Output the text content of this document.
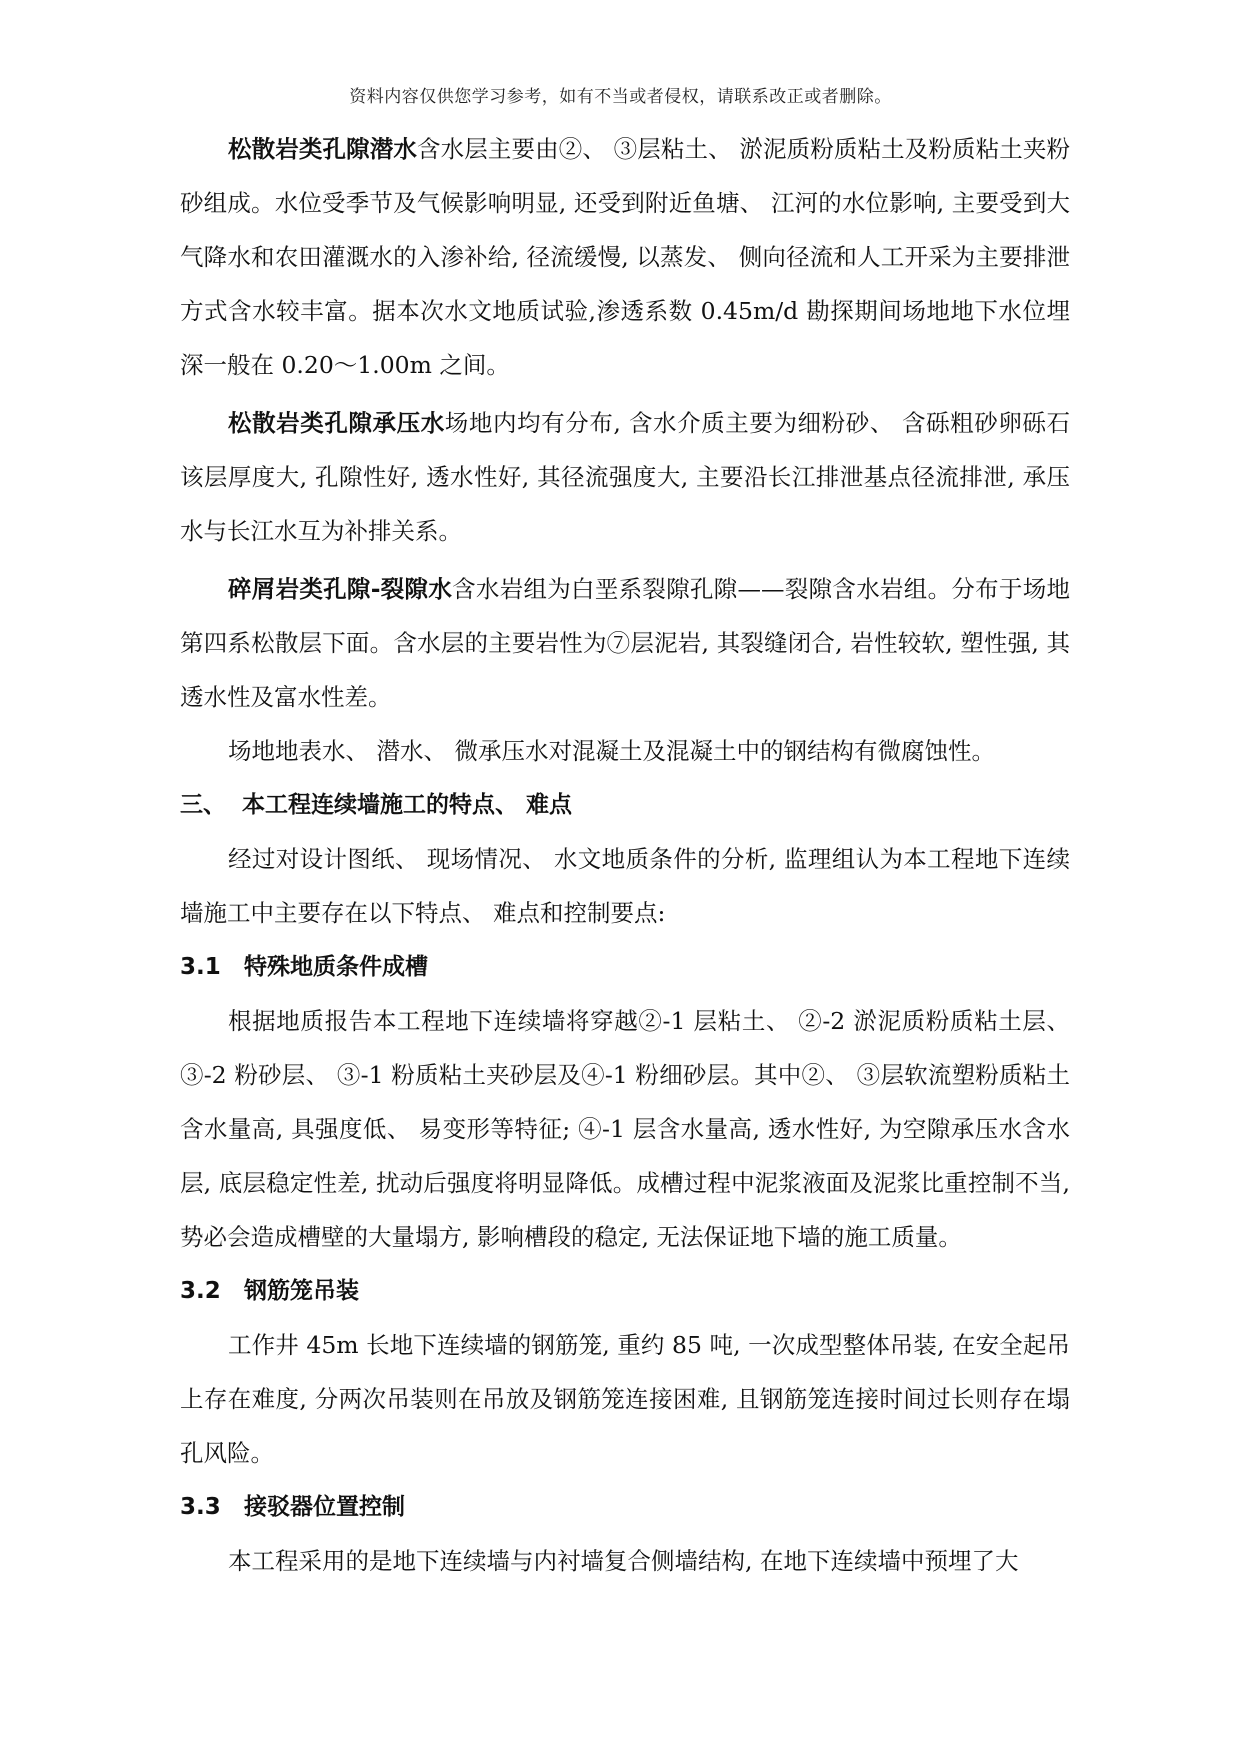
资料内容仅供您学习参考，如有不当或者侵权，请联系改正或者删除。

松散岩类孔隙潜水含水层主要由②、 ③层粘土、 淤泥质粉质粘土及粉质粘土夹粉砂组成。水位受季节及气候影响明显, 还受到附近鱼塘、 江河的水位影响, 主要受到大气降水和农田灌溉水的入渗补给, 径流缓慢, 以蒸发、 侧向径流和人工开采为主要排泄方式含水较丰富。据本次水文地质试验,渗透系数 0.45m/d 勘探期间场地地下水位埋深一般在 0.20～1.00m 之间。

松散岩类孔隙承压水场地内均有分布, 含水介质主要为细粉砂、 含砾粗砂卵砾石该层厚度大, 孔隙性好, 透水性好, 其径流强度大, 主要沿长江排泄基点径流排泄, 承压水与长江水互为补排关系。

碎屑岩类孔隙-裂隙水含水岩组为白垩系裂隙孔隙——裂隙含水岩组。分布于场地第四系松散层下面。含水层的主要岩性为⑦层泥岩, 其裂缝闭合, 岩性较软, 塑性强, 其透水性及富水性差。

场地地表水、 潜水、 微承压水对混凝土及混凝土中的钢结构有微腐蚀性。

三、 本工程连续墙施工的特点、 难点

经过对设计图纸、 现场情况、 水文地质条件的分析, 监理组认为本工程地下连续墙施工中主要存在以下特点、 难点和控制要点:

3.1 特殊地质条件成槽

根据地质报告本工程地下连续墙将穿越②-1 层粘土、 ②-2 淤泥质粉质粘土层、 ③-2 粉砂层、 ③-1 粉质粘土夹砂层及④-1 粉细砂层。其中②、 ③层软流塑粉质粘土含水量高, 具强度低、 易变形等特征; ④-1 层含水量高, 透水性好, 为空隙承压水含水层, 底层稳定性差, 扰动后强度将明显降低。成槽过程中泥浆液面及泥浆比重控制不当, 势必会造成槽壁的大量塌方, 影响槽段的稳定, 无法保证地下墙的施工质量。

3.2 钢筋笼吊装

工作井 45m 长地下连续墙的钢筋笼, 重约 85 吨, 一次成型整体吊装, 在安全起吊上存在难度, 分两次吊装则在吊放及钢筋笼连接困难, 且钢筋笼连接时间过长则存在塌孔风险。

3.3 接驳器位置控制

本工程采用的是地下连续墙与内衬墙复合侧墙结构, 在地下连续墙中预埋了大
